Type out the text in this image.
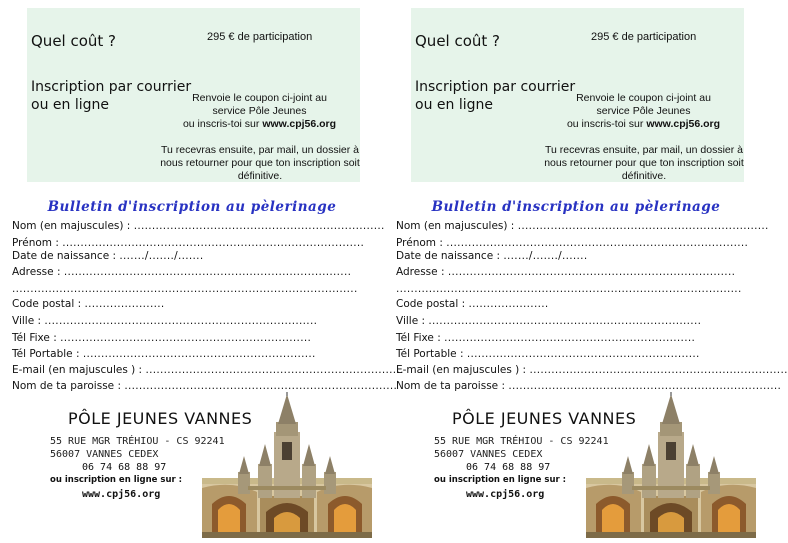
Quel coût ?	295 € de participation
Inscription par courrier ou en ligne	Renvoie le coupon ci-joint au
service Pôle Jeunes
ou inscris-toi sur www.cpj56.org
Tu recevras ensuite, par mail, un dossier à nous retourner pour que ton inscription soit définitive.
Bulletin d'inscription au pèlerinage
PÔLE JEUNES VANNES
55 RUE MGR TRÉHIOU - CS 92241
56007 VANNES CEDEX
06 74 68 88 97
ou inscription en ligne sur :
www.cpj56.org
Nom (en majuscules) : .....................................................................
Prénom : ...................................................................................
Date de naissance : ......./......./.......
Adresse : ...............................................................................
...............................................................................................
Code postal : ......................
Ville : ...........................................................................
Tél Fixe : .....................................................................
Tél Portable : ................................................................
E-mail (en majuscules ) : .......................................................................
Nom de ta paroisse : ...........................................................................
Quel coût ?	295 € de participation
Inscription par courrier ou en ligne	Renvoie le coupon ci-joint au
service Pôle Jeunes
ou inscris-toi sur www.cpj56.org
Tu recevras ensuite, par mail, un dossier à nous retourner pour que ton inscription soit définitive.
Bulletin d'inscription au pèlerinage
PÔLE JEUNES VANNES
55 RUE MGR TRÉHIOU - CS 92241
56007 VANNES CEDEX
06 74 68 88 97
ou inscription en ligne sur :
www.cpj56.org
Nom (en majuscules) : .....................................................................
Prénom : ...................................................................................
Date de naissance : ......./......./.......
Adresse : ...............................................................................
...............................................................................................
Code postal : ......................
Ville : ...........................................................................
Tél Fixe : .....................................................................
Tél Portable : ................................................................
E-mail (en majuscules ) : .......................................................................
Nom de ta paroisse : ...........................................................................
